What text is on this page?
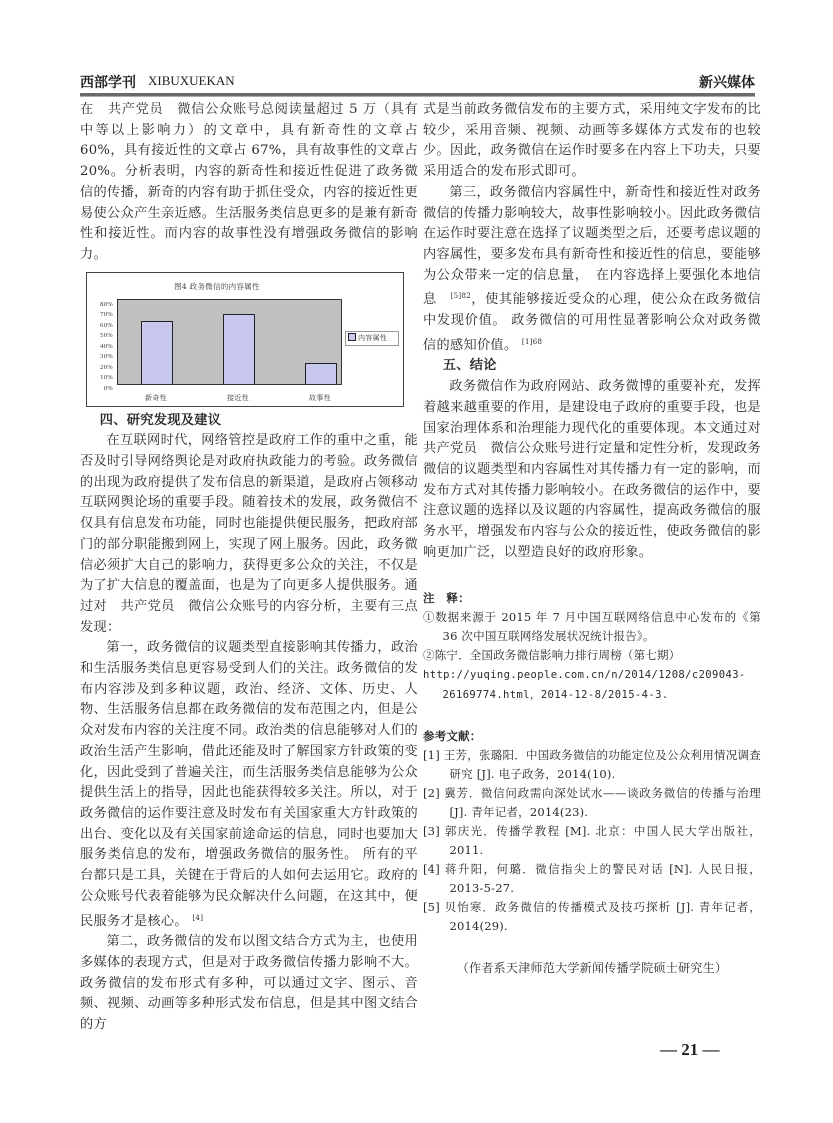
西部学刊 XIBUXUEKAN	新兴媒体

在　共产党员　微信公众账号总阅读量超过 5 万（具有中等以上影响力）的文章中，具有新奇性的文章占 60%，具有接近性的文章占 67%，具有故事性的文章占 20%。分析表明，内容的新奇性和接近性促进了政务微信的传播，新奇的内容有助于抓住受众，内容的接近性更易使公众产生亲近感。生活服务类信息更多的是兼有新奇性和接近性。而内容的故事性没有增强政务微信的影响力。

图4 政务微信的内容属性
80%
70%
60%
50%
40%
30%
20%
10%
0%
新奇性	接近性	故事性
内容属性
四、研究发现及建议

在互联网时代，网络管控是政府工作的重中之重，能否及时引导网络舆论是对政府执政能力的考验。政务微信的出现为政府提供了发布信息的新渠道，是政府占领移动互联网舆论场的重要手段。随着技术的发展，政务微信不仅具有信息发布功能，同时也能提供便民服务，把政府部门的部分职能搬到网上，实现了网上服务。因此，政务微信必须扩大自己的影响力，获得更多公众的关注，不仅是为了扩大信息的覆盖面，也是为了向更多人提供服务。通过对　共产党员　微信公众账号的内容分析，主要有三点发现：

第一，政务微信的议题类型直接影响其传播力，政治和生活服务类信息更容易受到人们的关注。政务微信的发布内容涉及到多种议题，政治、经济、文体、历史、人物、生活服务信息都在政务微信的发布范围之内，但是公众对发布内容的关注度不同。政治类的信息能够对人们的政治生活产生影响，借此还能及时了解国家方针政策的变化，因此受到了普遍关注，而生活服务类信息能够为公众提供生活上的指导，因此也能获得较多关注。所以，对于政务微信的运作要注意及时发布有关国家重大方针政策的出台、变化以及有关国家前途命运的信息，同时也要加大服务类信息的发布，增强政务微信的服务性。 所有的平台都只是工具，关键在于背后的人如何去运用它。政府的公众账号代表着能够为民众解决什么问题，在这其中，便民服务才是核心。 [4]

第二，政务微信的发布以图文结合方式为主，也使用多媒体的表现方式，但是对于政务微信传播力影响不大。政务微信的发布形式有多种，可以通过文字、图示、音频、视频、动画等多种形式发布信息，但是其中图文结合的方

式是当前政务微信发布的主要方式，采用纯文字发布的比较少，采用音频、视频、动画等多媒体方式发布的也较少。因此，政务微信在运作时要多在内容上下功夫，只要采用适合的发布形式即可。

第三，政务微信内容属性中，新奇性和接近性对政务微信的传播力影响较大，故事性影响较小。因此政务微信在运作时要注意在选择了议题类型之后，还要考虑议题的内容属性，要多发布具有新奇性和接近性的信息，要能够为公众带来一定的信息量，　在内容选择上要强化本地信息　$^{[5]82}$，使其能够接近受众的心理，使公众在政务微信中发现价值。 政务微信的可用性显著影响公众对政务微信的感知价值。 $^{[1]68}$

五、结论

政务微信作为政府网站、政务微博的重要补充，发挥着越来越重要的作用，是建设电子政府的重要手段，也是国家治理体系和治理能力现代化的重要体现。本文通过对　共产党员　微信公众账号进行定量和定性分析，发现政务微信的议题类型和内容属性对其传播力有一定的影响，而发布方式对其传播力影响较小。在政务微信的运作中，要注意议题的选择以及议题的内容属性，提高政务微信的服务水平，增强发布内容与公众的接近性，使政务微信的影响更加广泛，以塑造良好的政府形象。

注　释：
①数据来源于 2015 年 7 月中国互联网络信息中心发布的《第 36 次中国互联网络发展状况统计报告》。
②陈宁．全国政务微信影响力排行周榜（第七期）
http://yuqing.people.com.cn/n/2014/1208/c209043-26169774.html，2014-12-8/2015-4-3.
参考文献：
[1] 王芳，张璐阳．中国政务微信的功能定位及公众利用情况调查研究 [J]. 电子政务，2014(10).
[2] 冀芳．微信问政需向深处试水——谈政务微信的传播与治理 [J]. 青年记者，2014(23).
[3] 郭庆光．传播学教程 [M]. 北京：中国人民大学出版社，2011.
[4] 蒋升阳，何璐．微信指尖上的警民对话 [N]. 人民日报，2013-5-27.
[5] 贝怡寒．政务微信的传播模式及技巧探析 [J]. 青年记者，2014(29).
（作者系天津师范大学新闻传播学院硕士研究生）
— 21 —
